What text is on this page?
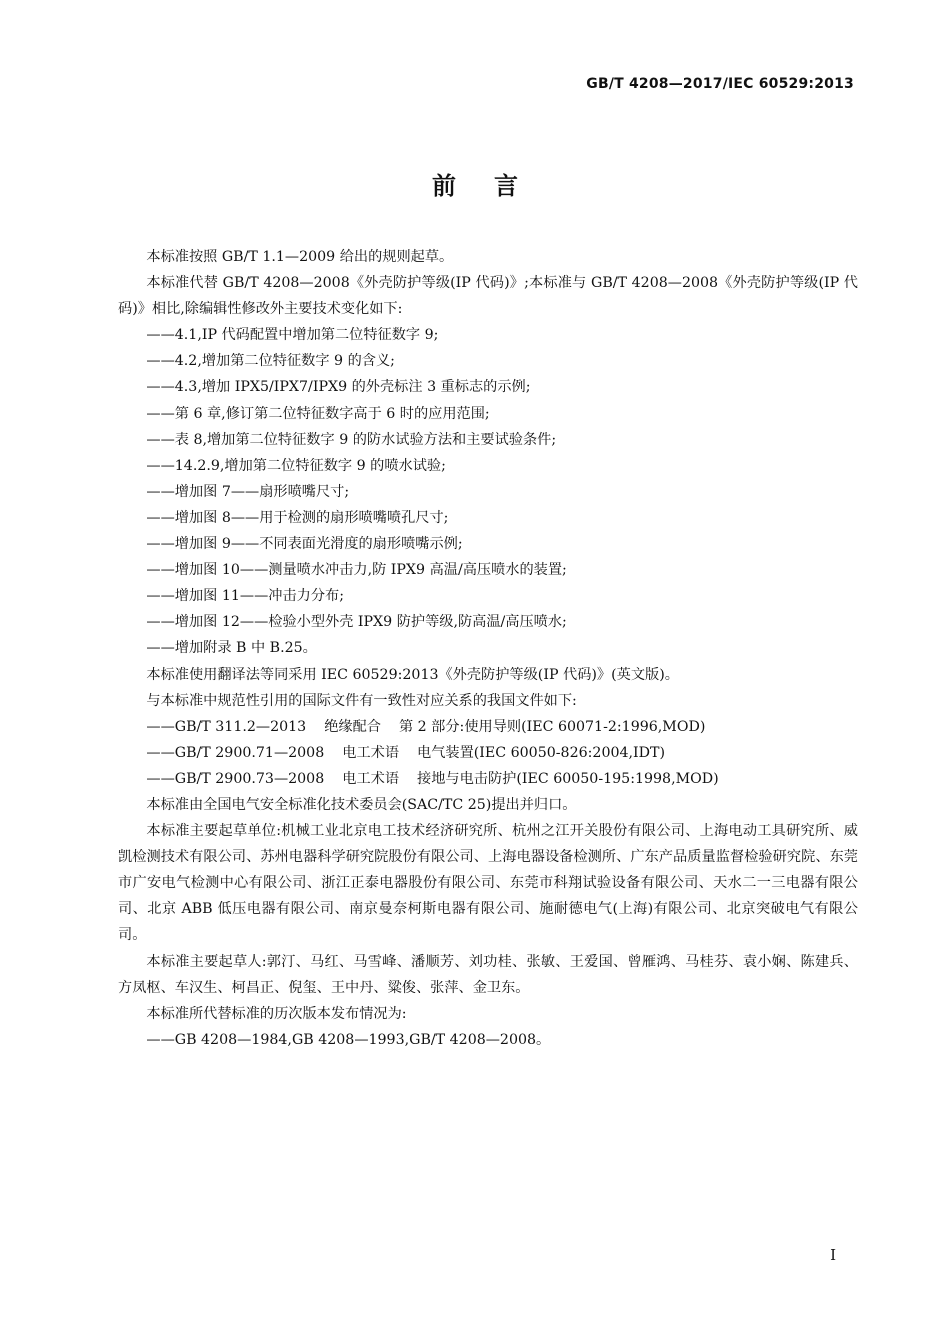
GB/T 4208—2017/IEC 60529:2013
前言

本标准按照 GB/T 1.1—2009 给出的规则起草。

本标准代替 GB/T 4208—2008《外壳防护等级(IP 代码)》;本标准与 GB/T 4208—2008《外壳防护等级(IP 代码)》相比,除编辑性修改外主要技术变化如下:

——4.1,IP 代码配置中增加第二位特征数字 9;

——4.2,增加第二位特征数字 9 的含义;

——4.3,增加 IPX5/IPX7/IPX9 的外壳标注 3 重标志的示例;

——第 6 章,修订第二位特征数字高于 6 时的应用范围;

——表 8,增加第二位特征数字 9 的防水试验方法和主要试验条件;

——14.2.9,增加第二位特征数字 9 的喷水试验;

——增加图 7——扇形喷嘴尺寸;

——增加图 8——用于检测的扇形喷嘴喷孔尺寸;

——增加图 9——不同表面光滑度的扇形喷嘴示例;

——增加图 10——测量喷水冲击力,防 IPX9 高温/高压喷水的装置;

——增加图 11——冲击力分布;

——增加图 12——检验小型外壳 IPX9 防护等级,防高温/高压喷水;

——增加附录 B 中 B.25。

本标准使用翻译法等同采用 IEC 60529:2013《外壳防护等级(IP 代码)》(英文版)。

与本标准中规范性引用的国际文件有一致性对应关系的我国文件如下:

——GB/T 311.2—2013 绝缘配合 第 2 部分:使用导则(IEC 60071-2:1996,MOD)

——GB/T 2900.71—2008 电工术语 电气装置(IEC 60050-826:2004,IDT)

——GB/T 2900.73—2008 电工术语 接地与电击防护(IEC 60050-195:1998,MOD)

本标准由全国电气安全标准化技术委员会(SAC/TC 25)提出并归口。

本标准主要起草单位:机械工业北京电工技术经济研究所、杭州之江开关股份有限公司、上海电动工具研究所、威凯检测技术有限公司、苏州电器科学研究院股份有限公司、上海电器设备检测所、广东产品质量监督检验研究院、东莞市广安电气检测中心有限公司、浙江正泰电器股份有限公司、东莞市科翔试验设备有限公司、天水二一三电器有限公司、北京 ABB 低压电器有限公司、南京曼奈柯斯电器有限公司、施耐德电气(上海)有限公司、北京突破电气有限公司。

本标准主要起草人:郭汀、马红、马雪峰、潘顺芳、刘功桂、张敏、王爱国、曾雁鸿、马桂芬、袁小娴、陈建兵、方凤枢、车汉生、柯昌正、倪玺、王中丹、粱俊、张萍、金卫东。

本标准所代替标准的历次版本发布情况为:

——GB 4208—1984,GB 4208—1993,GB/T 4208—2008。

I
